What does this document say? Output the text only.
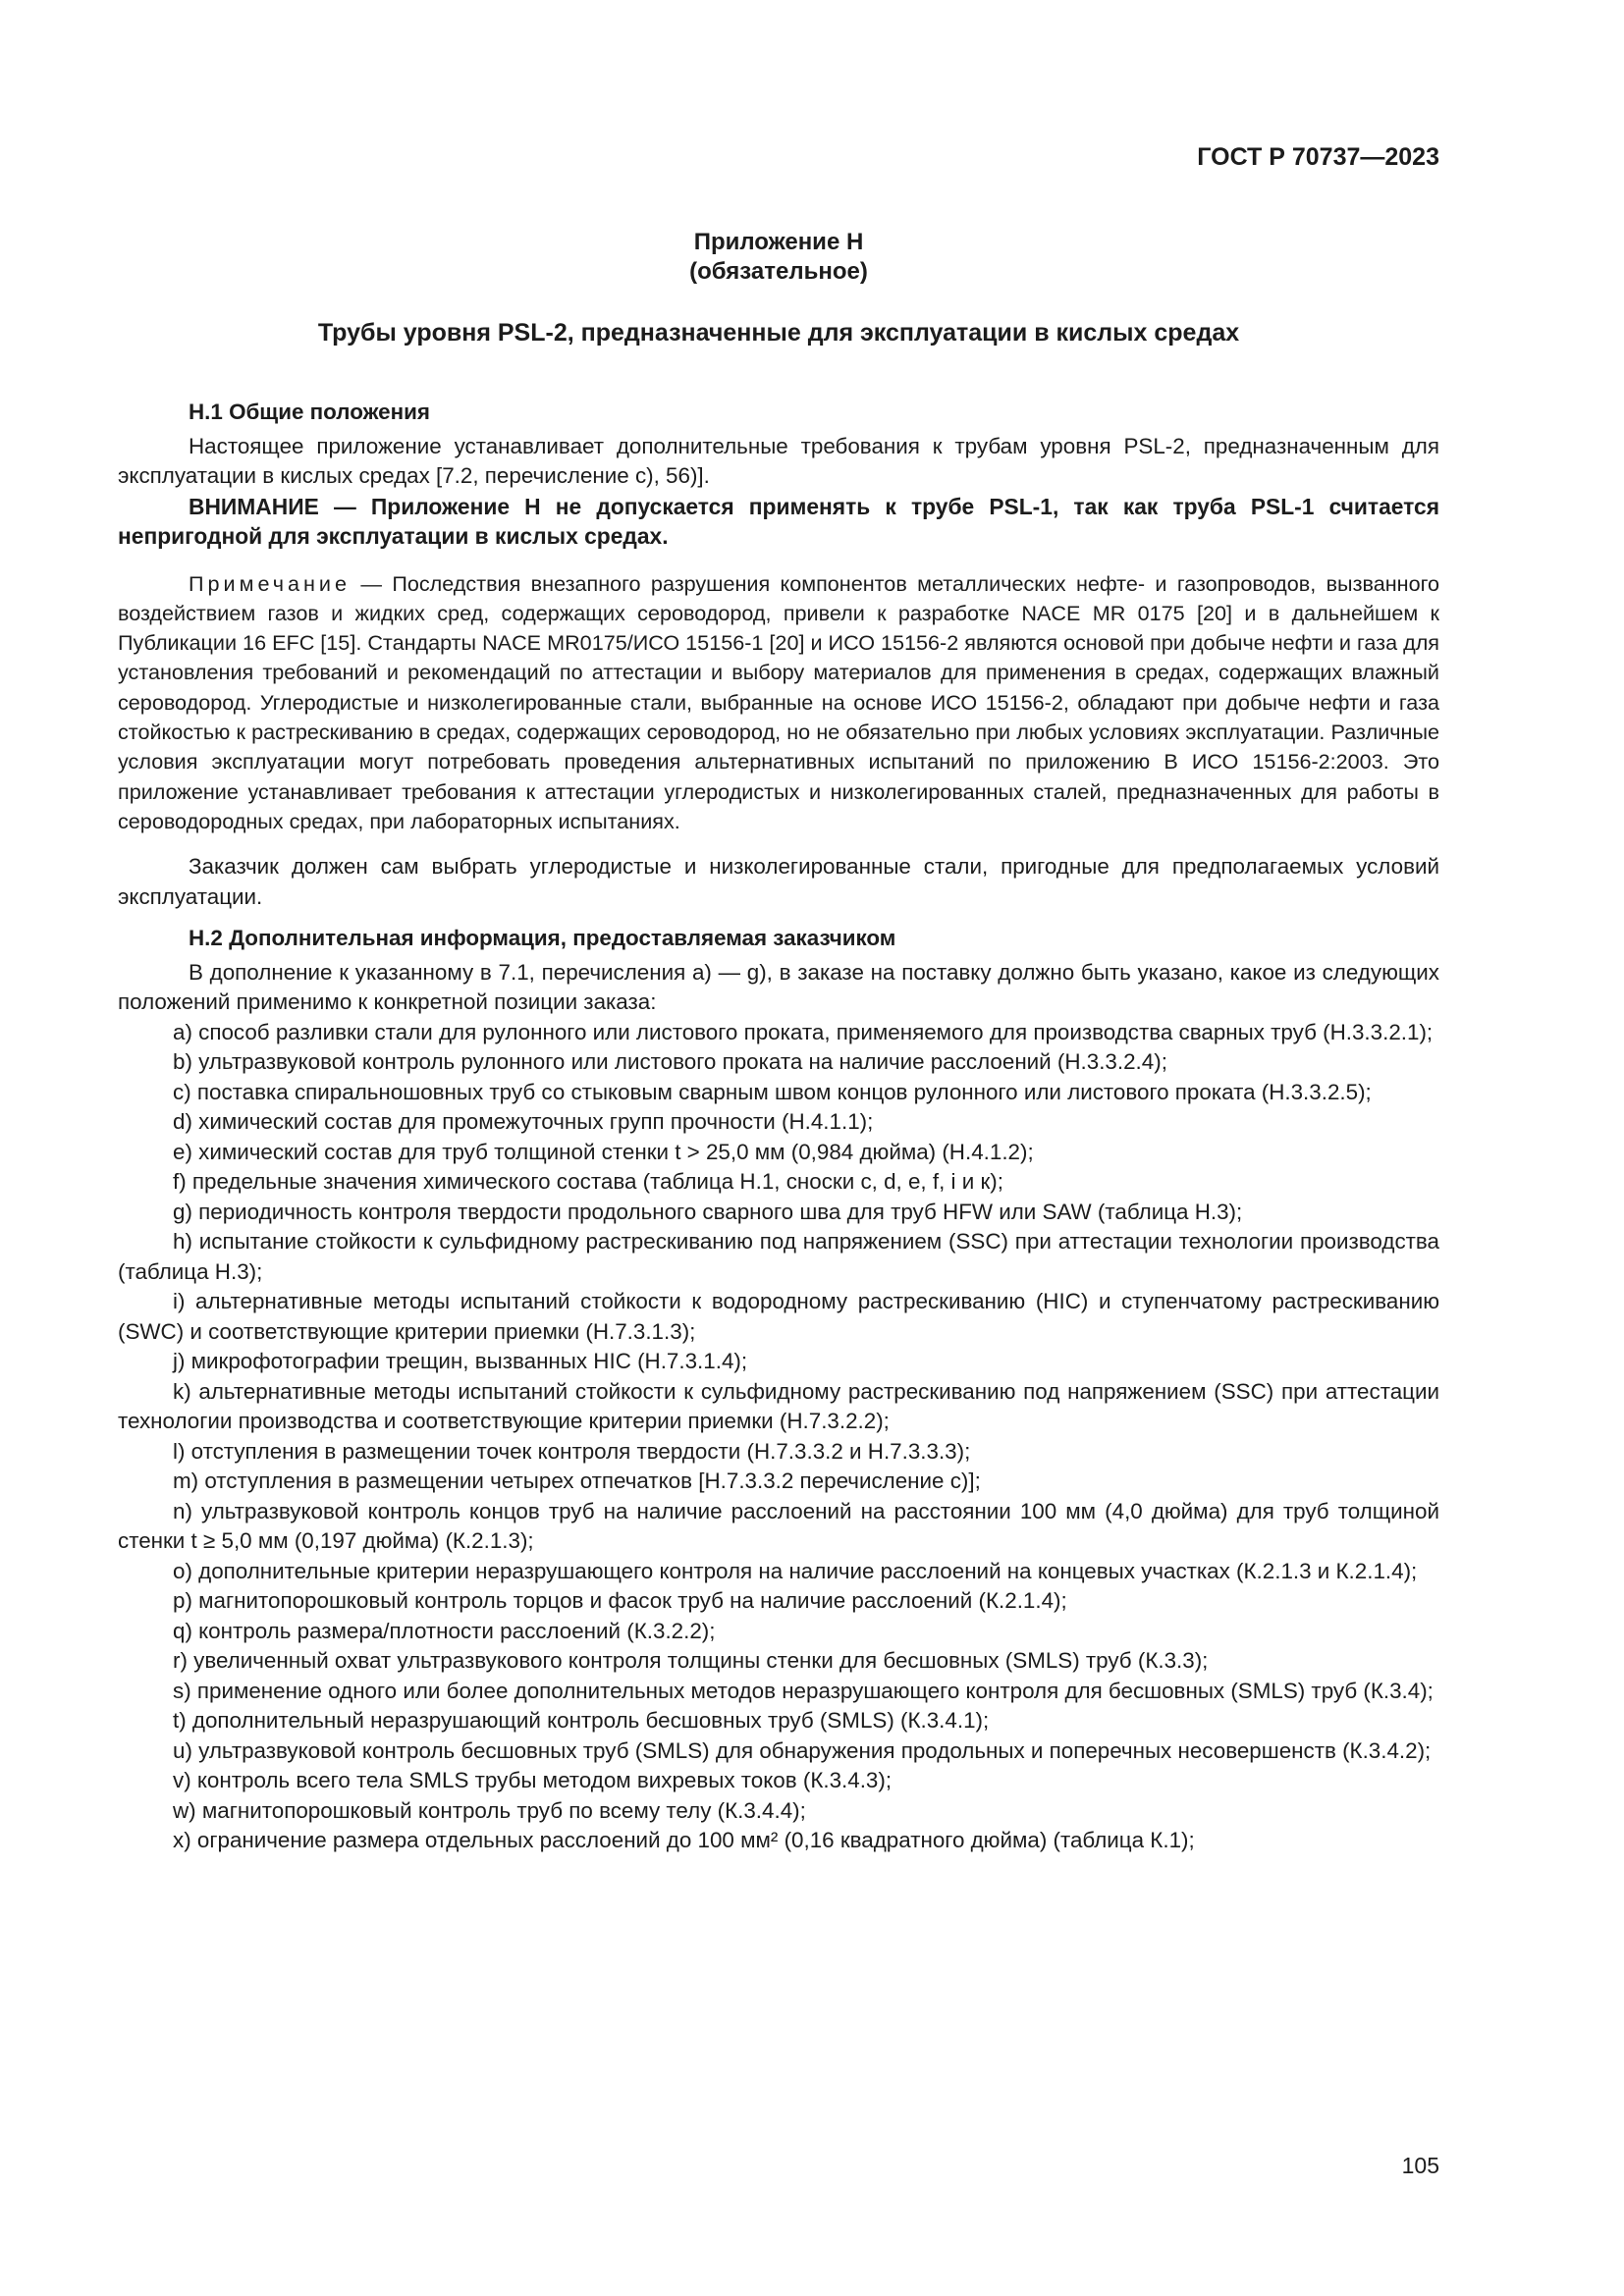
ГОСТ Р 70737—2023
Приложение Н
(обязательное)
Трубы уровня PSL-2, предназначенные для эксплуатации в кислых средах

Н.1 Общие положения

Настоящее приложение устанавливает дополнительные требования к трубам уровня PSL-2, предназначенным для эксплуатации в кислых средах [7.2, перечисление с), 56)].

ВНИМАНИЕ — Приложение Н не допускается применять к трубе PSL-1, так как труба PSL-1 считается непригодной для эксплуатации в кислых средах.

Примечание — Последствия внезапного разрушения компонентов металлических нефте- и газопроводов, вызванного воздействием газов и жидких сред, содержащих сероводород, привели к разработке NACE MR 0175 [20] и в дальнейшем к Публикации 16 EFC [15]. Стандарты NACE MR0175/ИСО 15156-1 [20] и ИСО 15156-2 являются основой при добыче нефти и газа для установления требований и рекомендаций по аттестации и выбору материалов для применения в средах, содержащих влажный сероводород. Углеродистые и низколегированные стали, выбранные на основе ИСО 15156-2, обладают при добыче нефти и газа стойкостью к растрескиванию в средах, содержащих сероводород, но не обязательно при любых условиях эксплуатации. Различные условия эксплуатации могут потребовать проведения альтернативных испытаний по приложению В ИСО 15156-2:2003. Это приложение устанавливает требования к аттестации углеродистых и низколегированных сталей, предназначенных для работы в сероводородных средах, при лабораторных испытаниях.

Заказчик должен сам выбрать углеродистые и низколегированные стали, пригодные для предполагаемых условий эксплуатации.

Н.2 Дополнительная информация, предоставляемая заказчиком

В дополнение к указанному в 7.1, перечисления a) — g), в заказе на поставку должно быть указано, какое из следующих положений применимо к конкретной позиции заказа:

a) способ разливки стали для рулонного или листового проката, применяемого для производства сварных труб (Н.3.3.2.1);

b) ультразвуковой контроль рулонного или листового проката на наличие расслоений (Н.3.3.2.4);

c) поставка спиральношовных труб со стыковым сварным швом концов рулонного или листового проката (Н.3.3.2.5);

d) химический состав для промежуточных групп прочности (Н.4.1.1);

e) химический состав для труб толщиной стенки t > 25,0 мм (0,984 дюйма) (Н.4.1.2);

f) предельные значения химического состава (таблица Н.1, сноски c, d, e, f, i и к);

g) периодичность контроля твердости продольного сварного шва для труб HFW или SAW (таблица Н.3);

h) испытание стойкости к сульфидному растрескиванию под напряжением (SSC) при аттестации технологии производства (таблица Н.3);

i) альтернативные методы испытаний стойкости к водородному растрескиванию (HIC) и ступенчатому растрескиванию (SWC) и соответствующие критерии приемки (Н.7.3.1.3);

j) микрофотографии трещин, вызванных HIC (Н.7.3.1.4);

k) альтернативные методы испытаний стойкости к сульфидному растрескиванию под напряжением (SSC) при аттестации технологии производства и соответствующие критерии приемки (Н.7.3.2.2);

l) отступления в размещении точек контроля твердости (Н.7.3.3.2 и Н.7.3.3.3);

m) отступления в размещении четырех отпечатков [Н.7.3.3.2 перечисление c)];

n) ультразвуковой контроль концов труб на наличие расслоений на расстоянии 100 мм (4,0 дюйма) для труб толщиной стенки t ≥ 5,0 мм (0,197 дюйма) (К.2.1.3);

o) дополнительные критерии неразрушающего контроля на наличие расслоений на концевых участках (К.2.1.3 и К.2.1.4);

p) магнитопорошковый контроль торцов и фасок труб на наличие расслоений (К.2.1.4);

q) контроль размера/плотности расслоений (К.3.2.2);

r) увеличенный охват ультразвукового контроля толщины стенки для бесшовных (SMLS) труб (К.3.3);

s) применение одного или более дополнительных методов неразрушающего контроля для бесшовных (SMLS) труб (К.3.4);

t) дополнительный неразрушающий контроль бесшовных труб (SMLS) (К.3.4.1);

u) ультразвуковой контроль бесшовных труб (SMLS) для обнаружения продольных и поперечных несовершенств (К.3.4.2);

v) контроль всего тела SMLS трубы методом вихревых токов (К.3.4.3);

w) магнитопорошковый контроль труб по всему телу (К.3.4.4);

x) ограничение размера отдельных расслоений до 100 мм² (0,16 квадратного дюйма) (таблица К.1);

105
